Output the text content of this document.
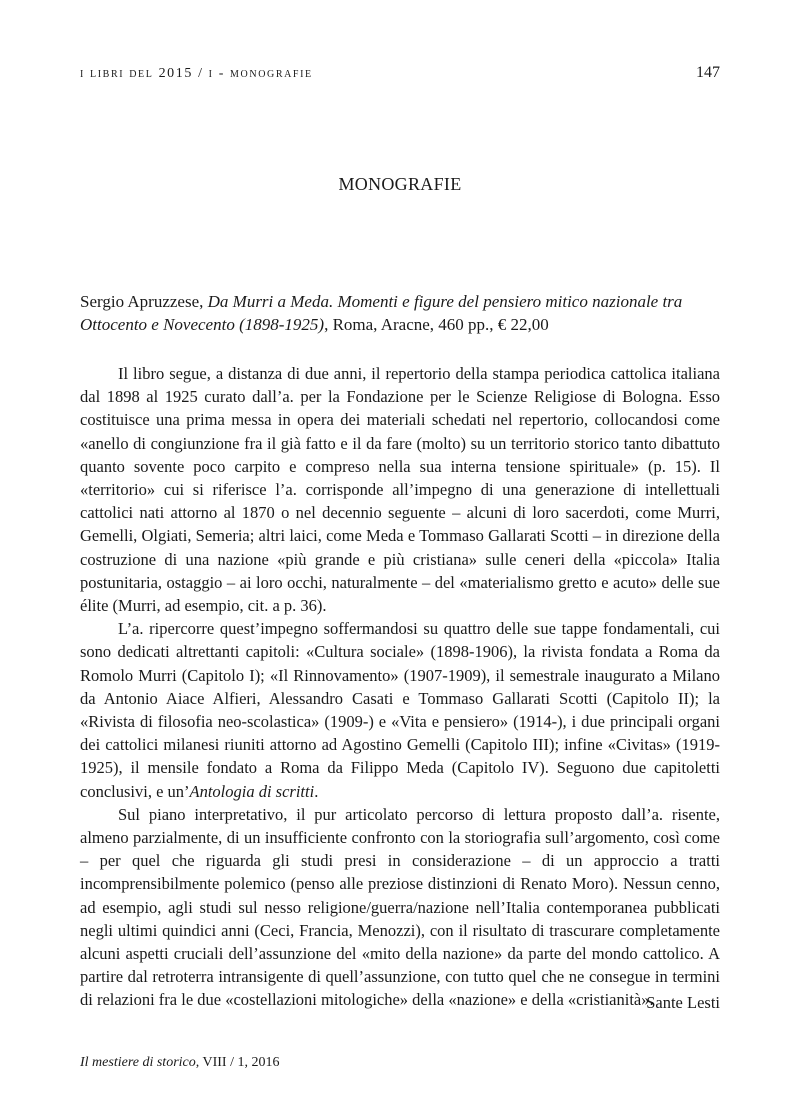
i libri del 2015 / i - monografie	147
MONOGRAFIE
Sergio Apruzzese, Da Murri a Meda. Momenti e figure del pensiero mitico nazionale tra Ottocento e Novecento (1898-1925), Roma, Aracne, 460 pp., € 22,00

Il libro segue, a distanza di due anni, il repertorio della stampa periodica cattolica italiana dal 1898 al 1925 curato dall’a. per la Fondazione per le Scienze Religiose di Bologna. Esso costituisce una prima messa in opera dei materiali schedati nel repertorio, collocandosi come «anello di congiunzione fra il già fatto e il da fare (molto) su un territorio storico tanto dibattuto quanto sovente poco carpito e compreso nella sua interna tensione spirituale» (p. 15). Il «territorio» cui si riferisce l’a. corrisponde all’impegno di una generazione di intellettuali cattolici nati attorno al 1870 o nel decennio seguente – alcuni di loro sacerdoti, come Murri, Gemelli, Olgiati, Semeria; altri laici, come Meda e Tommaso Gallarati Scotti – in direzione della costruzione di una nazione «più grande e più cristiana» sulle ceneri della «piccola» Italia postunitaria, ostaggio – ai loro occhi, naturalmente – del «materialismo gretto e acuto» delle sue élite (Murri, ad esempio, cit. a p. 36).

L’a. ripercorre quest’impegno soffermandosi su quattro delle sue tappe fondamentali, cui sono dedicati altrettanti capitoli: «Cultura sociale» (1898-1906), la rivista fondata a Roma da Romolo Murri (Capitolo I); «Il Rinnovamento» (1907-1909), il semestrale inaugurato a Milano da Antonio Aiace Alfieri, Alessandro Casati e Tommaso Gallarati Scotti (Capitolo II); la «Rivista di filosofia neo-scolastica» (1909-) e «Vita e pensiero» (1914-), i due principali organi dei cattolici milanesi riuniti attorno ad Agostino Gemelli (Capitolo III); infine «Civitas» (1919-1925), il mensile fondato a Roma da Filippo Meda (Capitolo IV). Seguono due capitoletti conclusivi, e un’Antologia di scritti.

Sul piano interpretativo, il pur articolato percorso di lettura proposto dall’a. risente, almeno parzialmente, di un insufficiente confronto con la storiografia sull’argomento, così come – per quel che riguarda gli studi presi in considerazione – di un approccio a tratti incomprensibilmente polemico (penso alle preziose distinzioni di Renato Moro). Nessun cenno, ad esempio, agli studi sul nesso religione/guerra/nazione nell’Italia contemporanea pubblicati negli ultimi quindici anni (Ceci, Francia, Menozzi), con il risultato di trascurare completamente alcuni aspetti cruciali dell’assunzione del «mito della nazione» da parte del mondo cattolico. A partire dal retroterra intransigente di quell’assunzione, con tutto quel che ne consegue in termini di relazioni fra le due «costellazioni mitologiche» della «nazione» e della «cristianità».

Sante Lesti
Il mestiere di storico, VIII / 1, 2016
